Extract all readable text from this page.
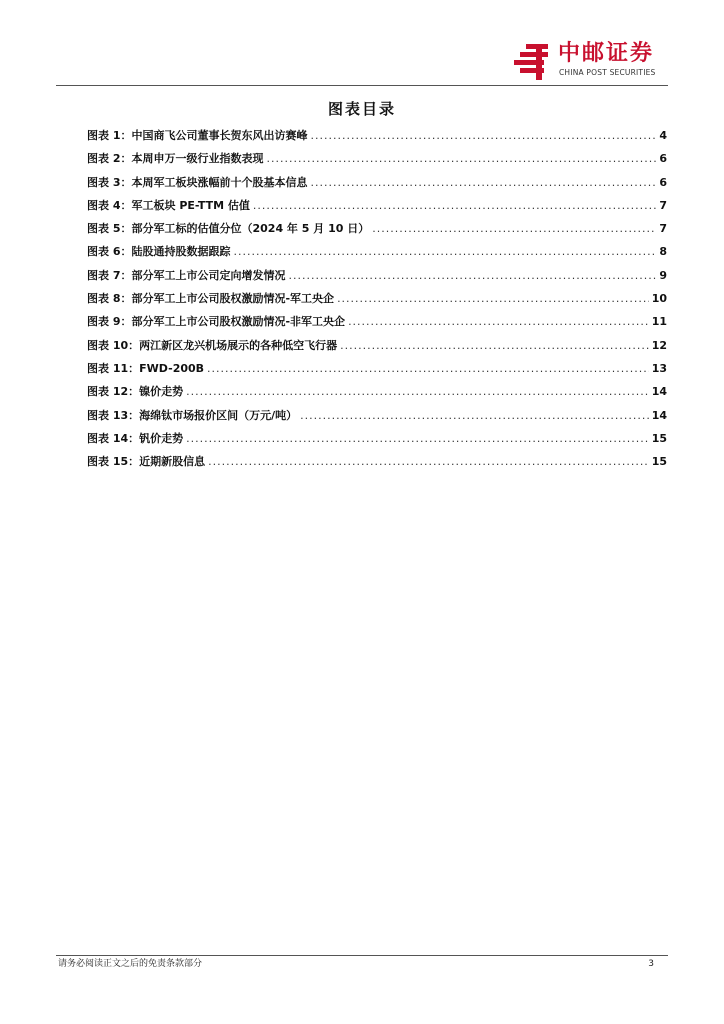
中邮证券
CHINA POST SECURITIES
图表目录
图表 1： 中国商飞公司董事长贺东风出访赛峰 .....	4
图表 2： 本周申万一级行业指数表现 .....	6
图表 3： 本周军工板块涨幅前十个股基本信息 .....	6
图表 4： 军工板块 PE-TTM 估值 .....	7
图表 5： 部分军工标的估值分位（2024 年 5 月 10 日） .....	7
图表 6： 陆股通持股数据跟踪 .....	8
图表 7： 部分军工上市公司定向增发情况 .....	9
图表 8： 部分军工上市公司股权激励情况-军工央企 .....	10
图表 9： 部分军工上市公司股权激励情况-非军工央企 .....	11
图表 10： 两江新区龙兴机场展示的各种低空飞行器 .....	12
图表 11： FWD-200B .....	13
图表 12： 镍价走势 .....	14
图表 13： 海绵钛市场报价区间（万元/吨） .....	14
图表 14： 钒价走势 .....	15
图表 15： 近期新股信息 .....	15
请务必阅读正文之后的免责条款部分	3
